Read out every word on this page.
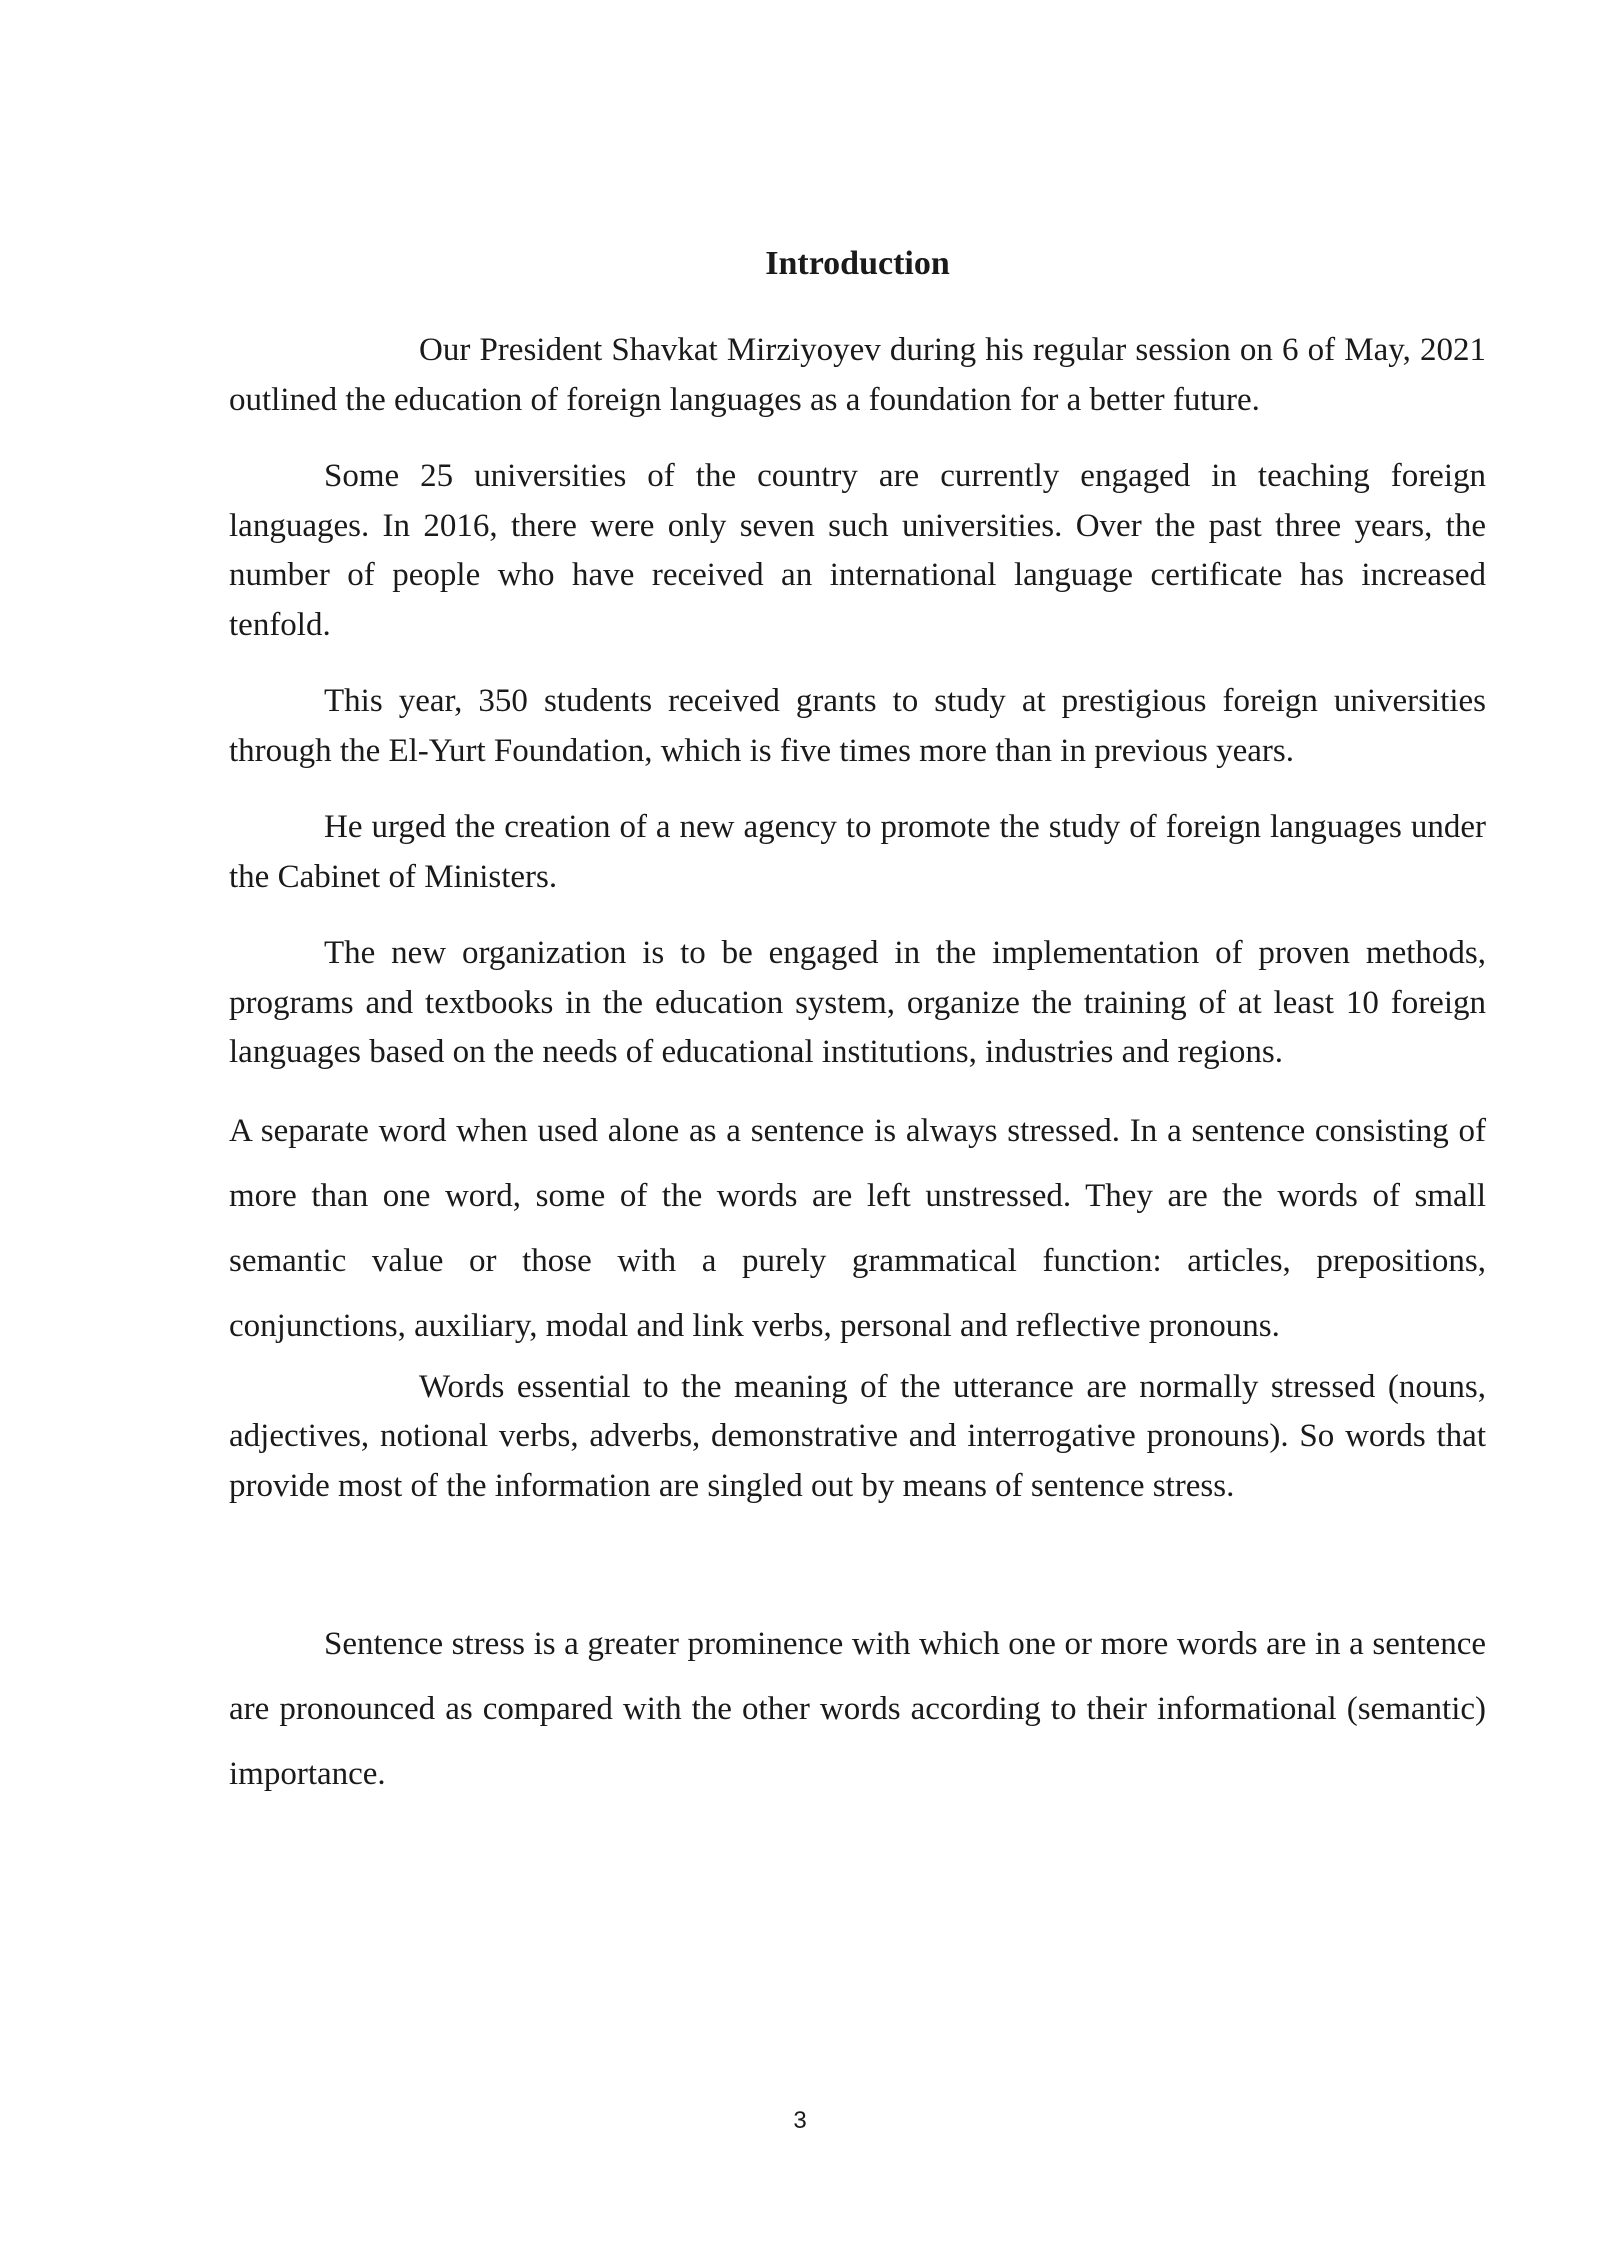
Introduction

Our President Shavkat Mirziyoyev during his regular session on 6 of May, 2021 outlined the education of foreign languages as a foundation for a better future.

Some 25 universities of the country are currently engaged in teaching foreign languages. In 2016, there were only seven such universities. Over the past three years, the number of people who have received an international language certificate has increased tenfold.

This year, 350 students received grants to study at prestigious foreign universities through the El-Yurt Foundation, which is five times more than in previous years.

He urged the creation of a new agency to promote the study of foreign languages under the Cabinet of Ministers.

The new organization is to be engaged in the implementation of proven methods, programs and textbooks in the education system, organize the training of at least 10 foreign languages based on the needs of educational institutions, industries and regions.

A separate word when used alone as a sentence is always stressed. In a sentence consisting of more than one word, some of the words are left unstressed. They are the words of small semantic value or those with a purely grammatical function: articles, prepositions, conjunctions, auxiliary, modal and link verbs, personal and reflective pronouns.

Words essential to the meaning of the utterance are normally stressed (nouns, adjectives, notional verbs, adverbs, demonstrative and interrogative pronouns). So words that provide most of the information are singled out by means of sentence stress.

Sentence stress is a greater prominence with which one or more words are in a sentence are pronounced as compared with the other words according to their informational (semantic) importance.

3
